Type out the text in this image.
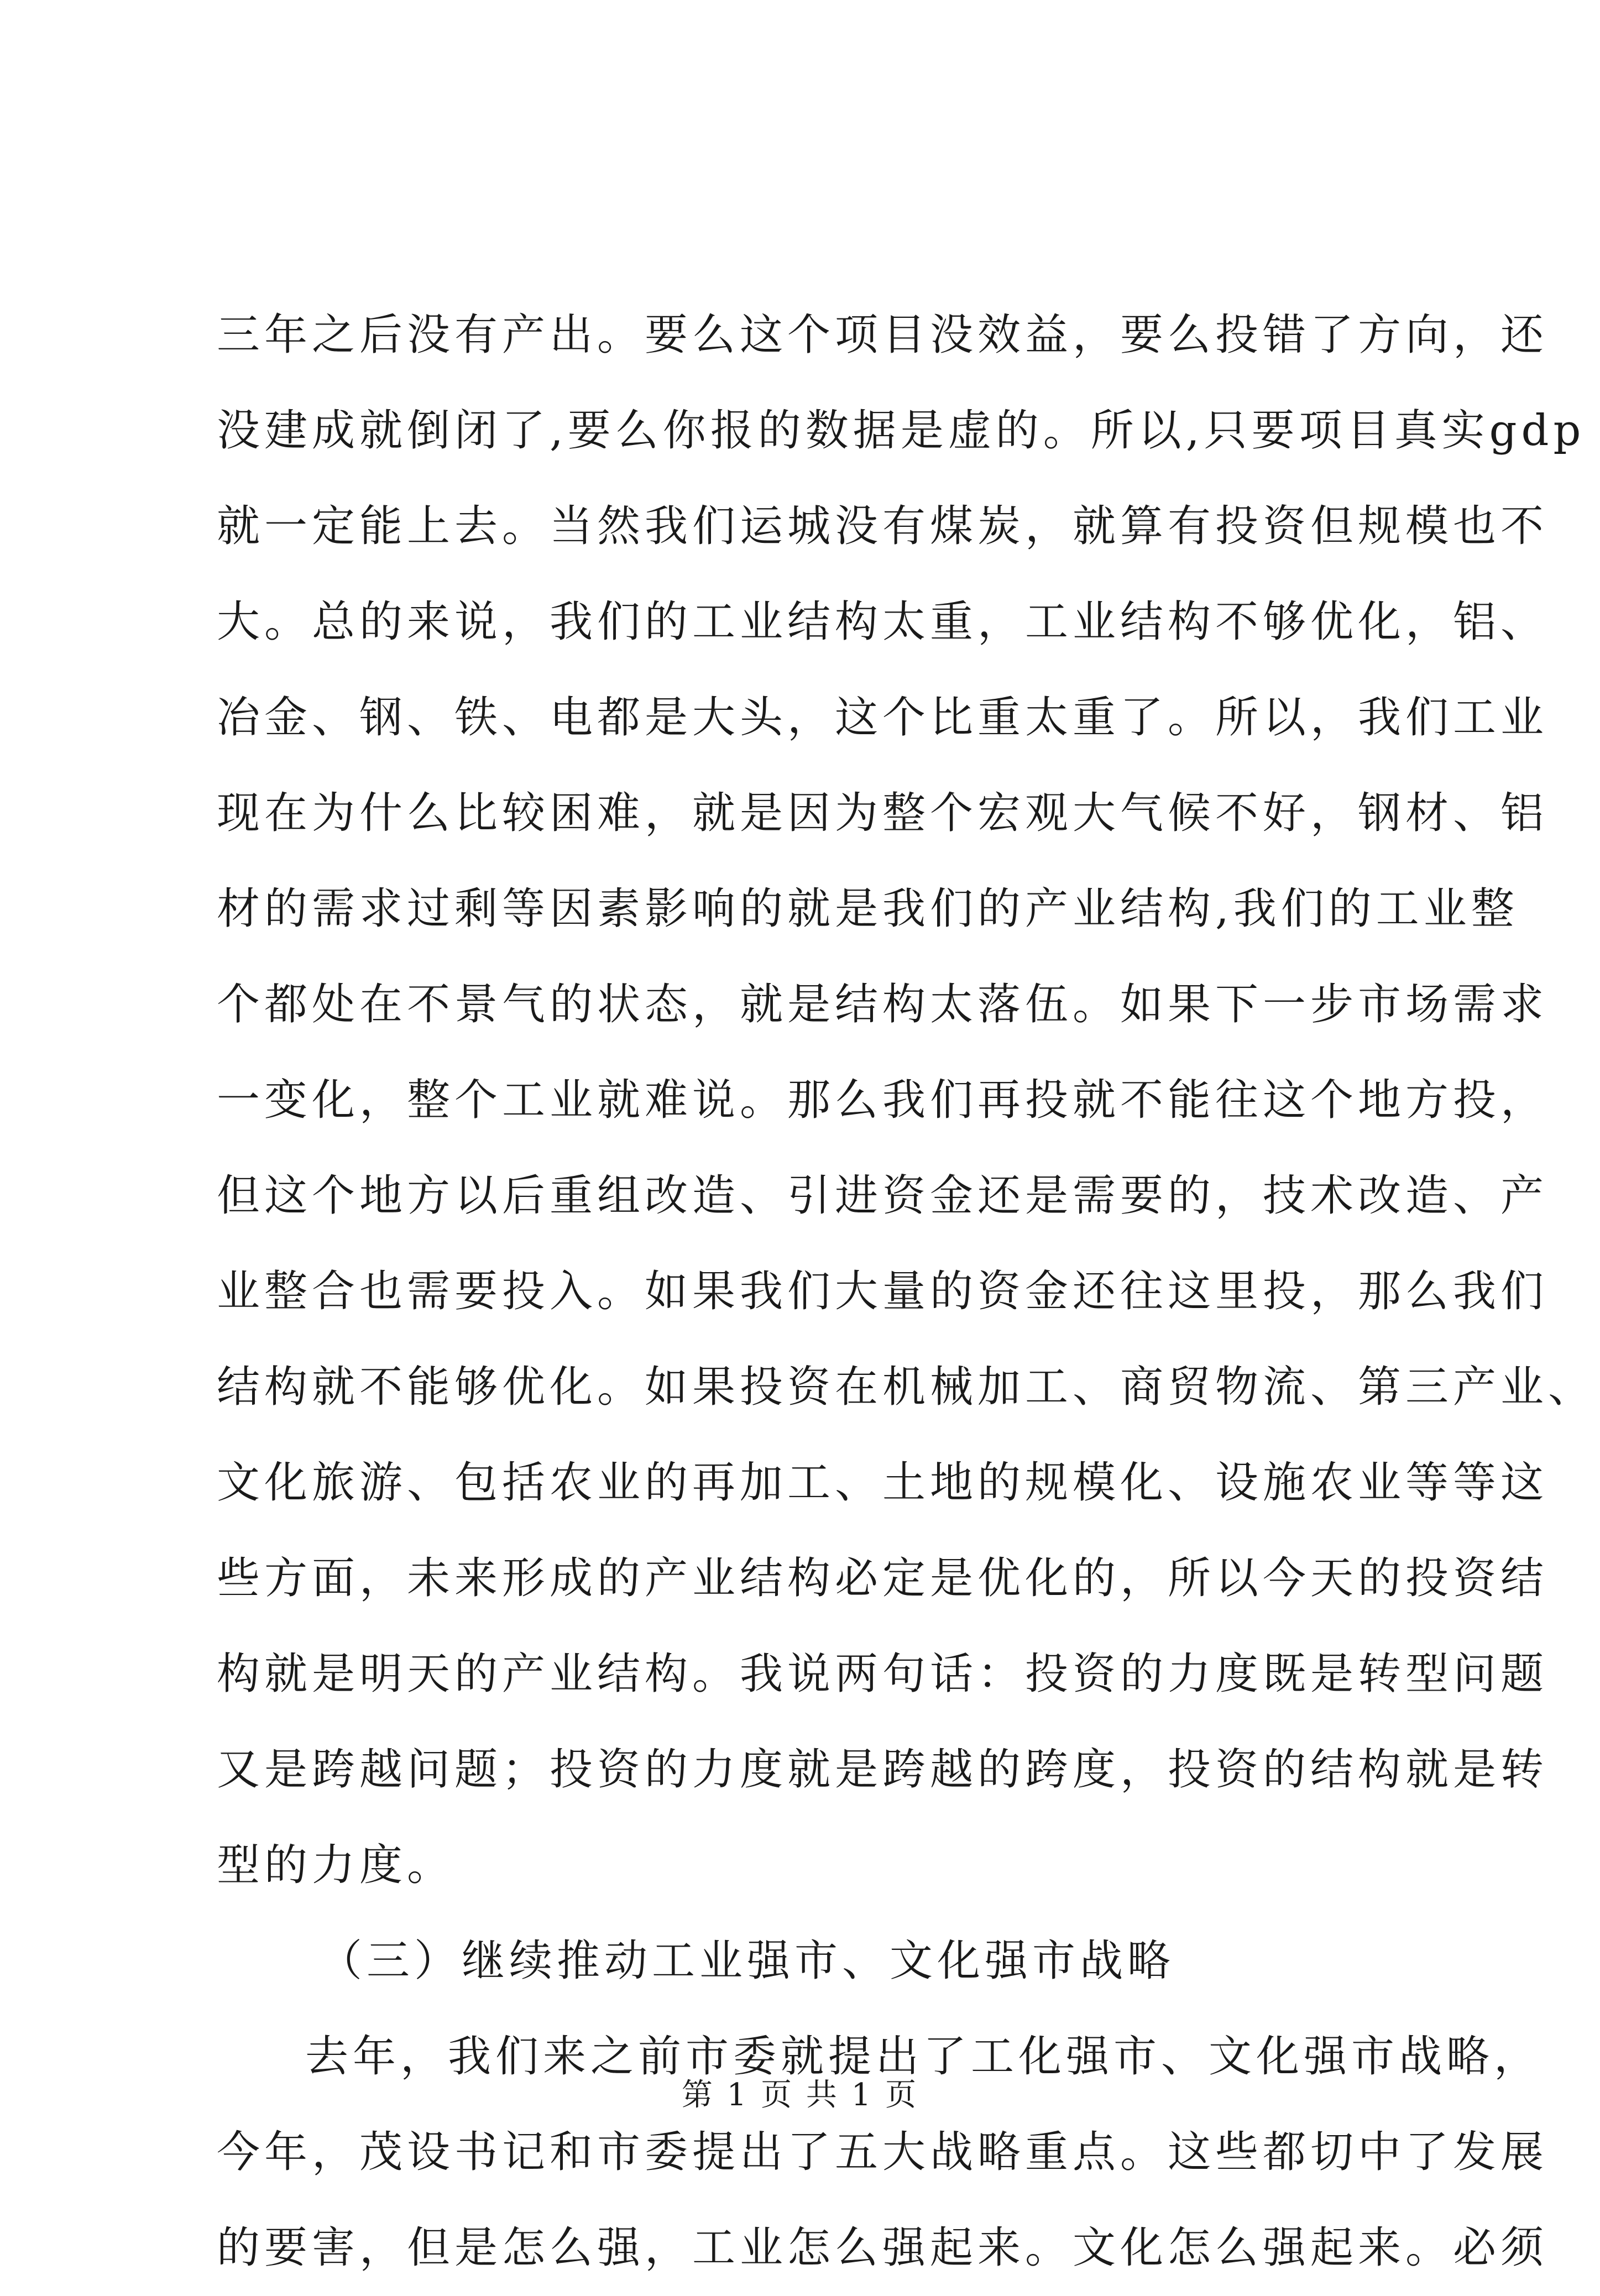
三年之后没有产出。要么这个项目没效益，要么投错了方向，还
没建成就倒闭了,要么你报的数据是虚的。所以,只要项目真实gdp
就一定能上去。当然我们运城没有煤炭，就算有投资但规模也不
大。总的来说，我们的工业结构太重，工业结构不够优化，铝、
冶金、钢、铁、电都是大头，这个比重太重了。所以，我们工业
现在为什么比较困难，就是因为整个宏观大气候不好，钢材、铝
材的需求过剩等因素影响的就是我们的产业结构,我们的工业整
个都处在不景气的状态，就是结构太落伍。如果下一步市场需求
一变化，整个工业就难说。那么我们再投就不能往这个地方投，
但这个地方以后重组改造、引进资金还是需要的，技术改造、产
业整合也需要投入。如果我们大量的资金还往这里投，那么我们
结构就不能够优化。如果投资在机械加工、商贸物流、第三产业、
文化旅游、包括农业的再加工、土地的规模化、设施农业等等这
些方面，未来形成的产业结构必定是优化的，所以今天的投资结
构就是明天的产业结构。我说两句话：投资的力度既是转型问题
又是跨越问题；投资的力度就是跨越的跨度，投资的结构就是转
型的力度。
（三）继续推动工业强市、文化强市战略
去年，我们来之前市委就提出了工化强市、文化强市战略，
今年，茂设书记和市委提出了五大战略重点。这些都切中了发展
的要害，但是怎么强，工业怎么强起来。文化怎么强起来。必须
第 1 页 共 1 页
